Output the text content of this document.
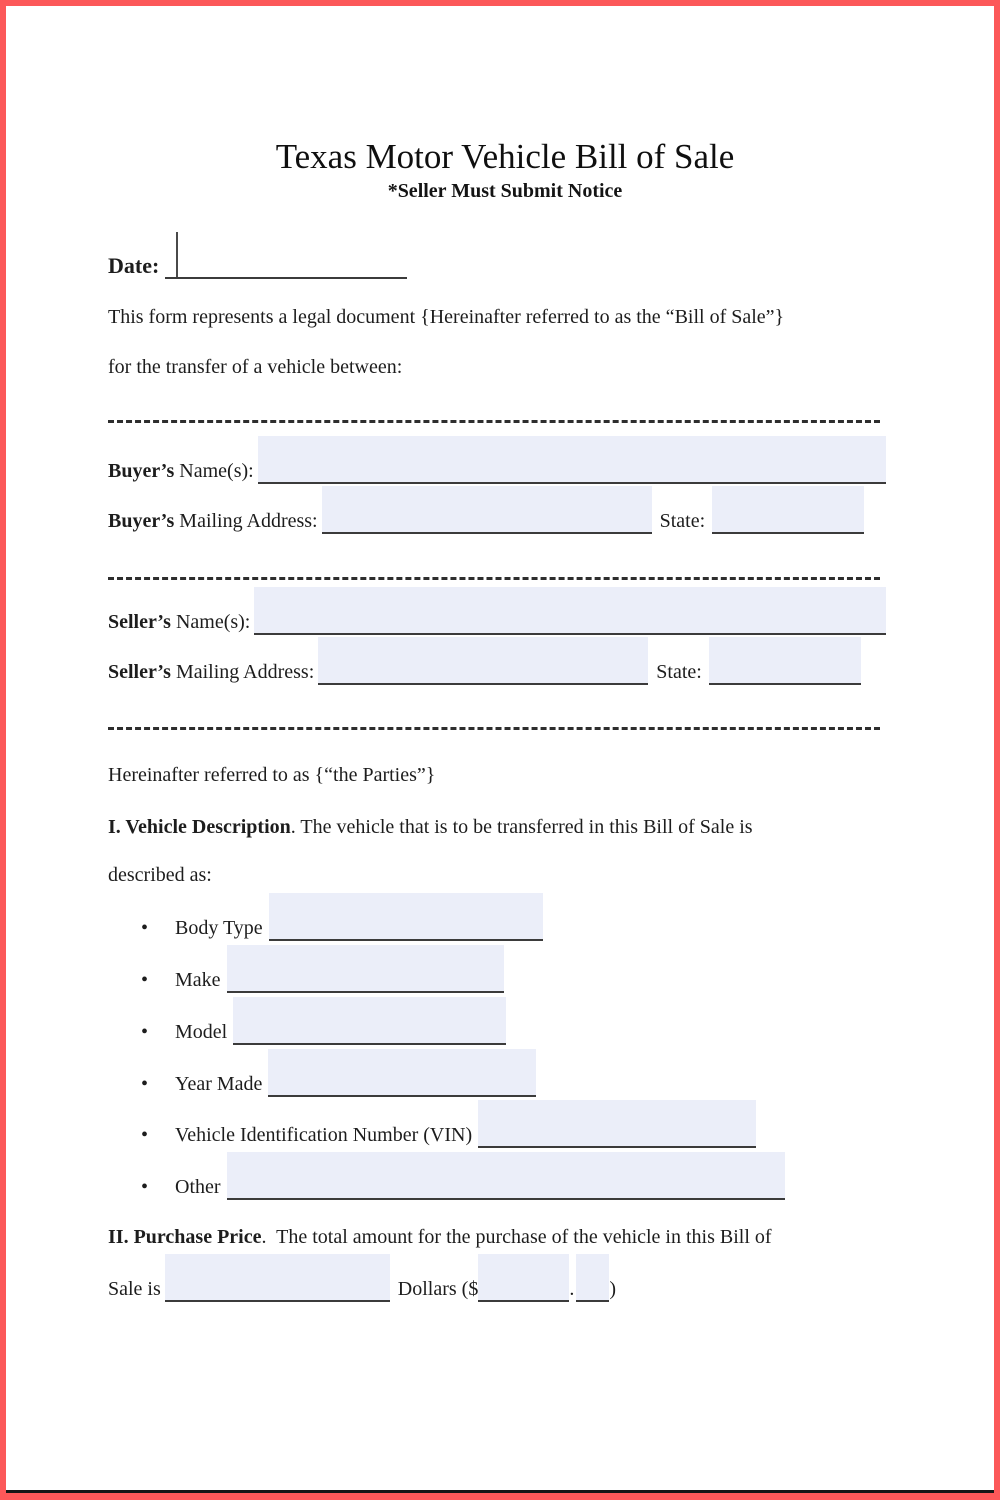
Texas Motor Vehicle Bill of Sale
*Seller Must Submit Notice
Date:
This form represents a legal document {Hereinafter referred to as the “Bill of Sale”}
for the transfer of a vehicle between:
Buyer’s Name(s):
Buyer’s Mailing Address:	State:
Seller’s Name(s):
Seller’s Mailing Address:	State:
Hereinafter referred to as {“the Parties”}
I. Vehicle Description. The vehicle that is to be transferred in this Bill of Sale is
described as:
•	Body Type
•	Make
•	Model
•	Year Made
•	Vehicle Identification Number (VIN)
•	Other
II. Purchase Price.  The total amount for the purchase of the vehicle in this Bill of
Sale is	Dollars ($	. )
